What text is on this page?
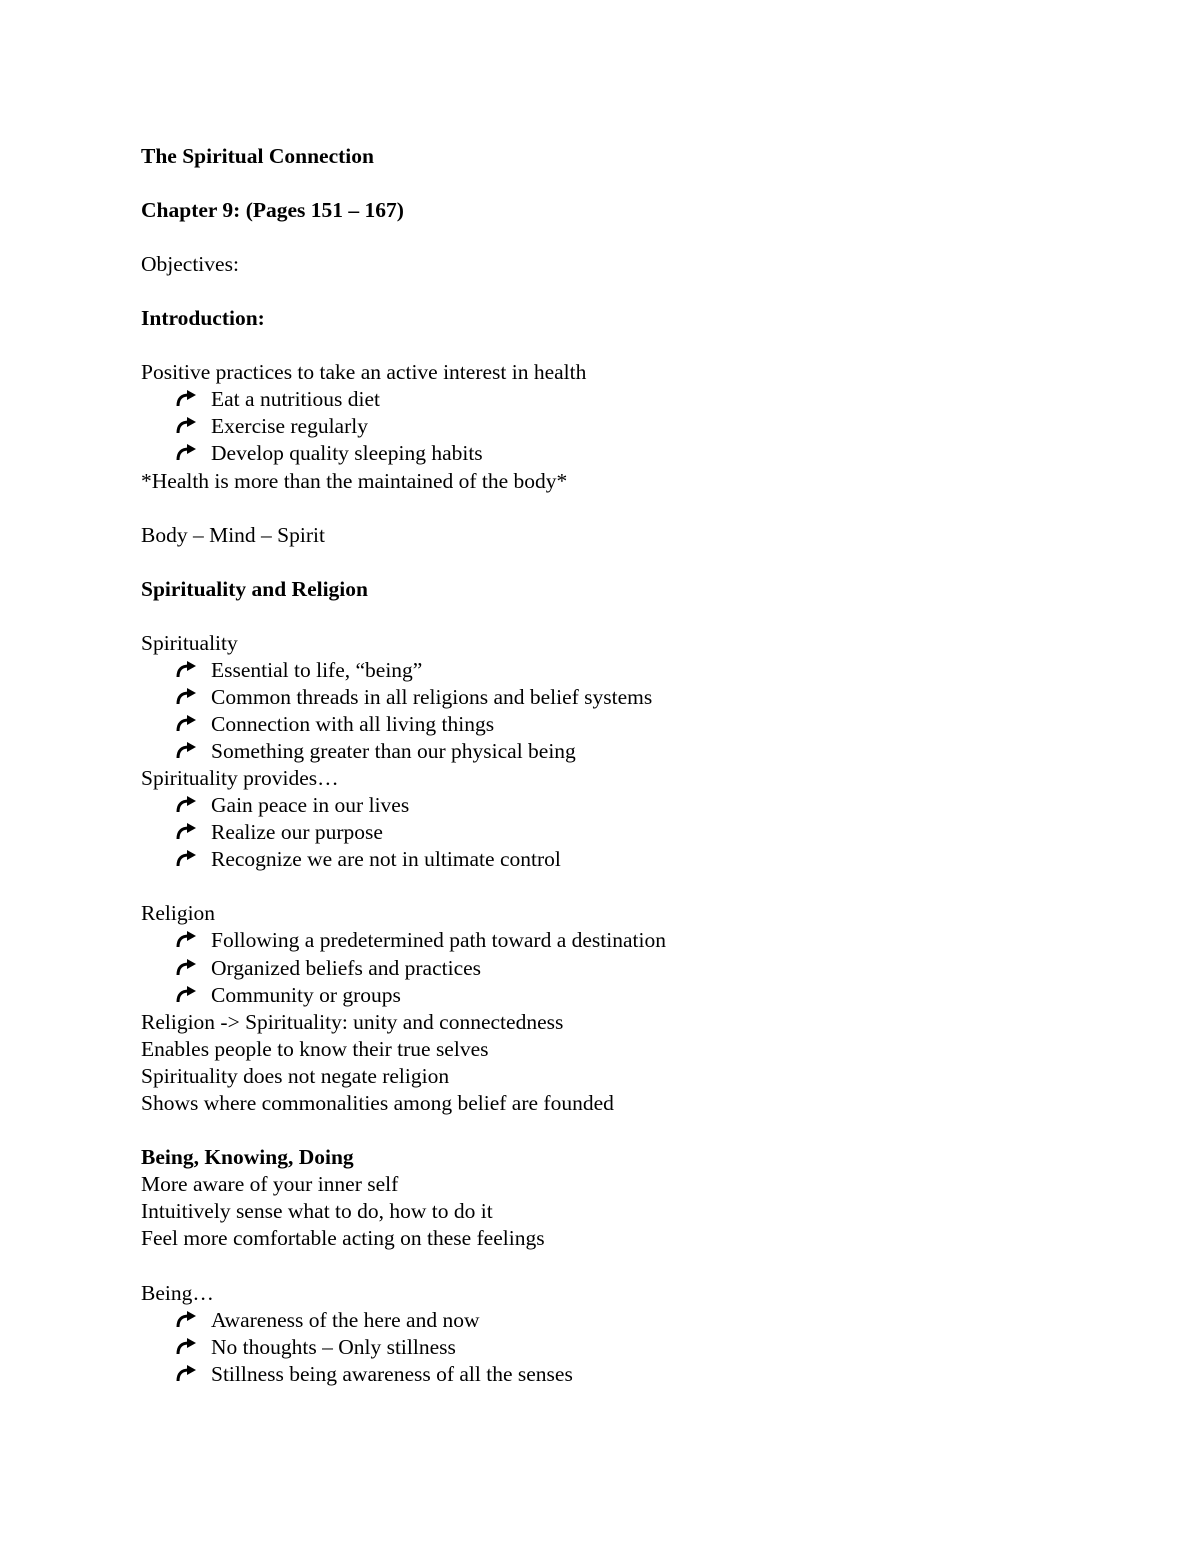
The Spiritual Connection
Chapter 9: (Pages 151 – 167)
Objectives:
Introduction:
Positive practices to take an active interest in health
Eat a nutritious diet
Exercise regularly
Develop quality sleeping habits
*Health is more than the maintained of the body*
Body – Mind – Spirit
Spirituality and Religion
Spirituality
Essential to life, “being”
Common threads in all religions and belief systems
Connection with all living things
Something greater than our physical being
Spirituality provides…
Gain peace in our lives
Realize our purpose
Recognize we are not in ultimate control
Religion
Following a predetermined path toward a destination
Organized beliefs and practices
Community or groups
Religion -> Spirituality: unity and connectedness
Enables people to know their true selves
Spirituality does not negate religion
Shows where commonalities among belief are founded
Being, Knowing, Doing
More aware of your inner self
Intuitively sense what to do, how to do it
Feel more comfortable acting on these feelings
Being…
Awareness of the here and now
No thoughts – Only stillness
Stillness being awareness of all the senses
